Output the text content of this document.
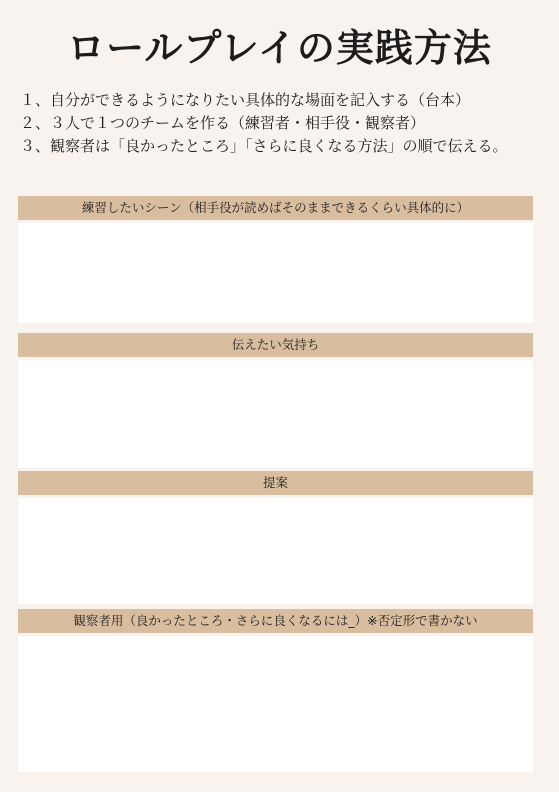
ロールプレイの実践方法
１、 自分ができるようになりたい具体的な場面を記入する（台本）
２、 ３人で１つのチームを作る（練習者・相手役・観察者）
３、 観察者は「良かったところ」「さらに良くなる方法」の順で伝える。
練習したいシーン（相手役が読めばそのままできるくらい具体的に）
伝えたい気持ち
提案
観察者用（良かったところ・さらに良くなるには_）※否定形で書かない
